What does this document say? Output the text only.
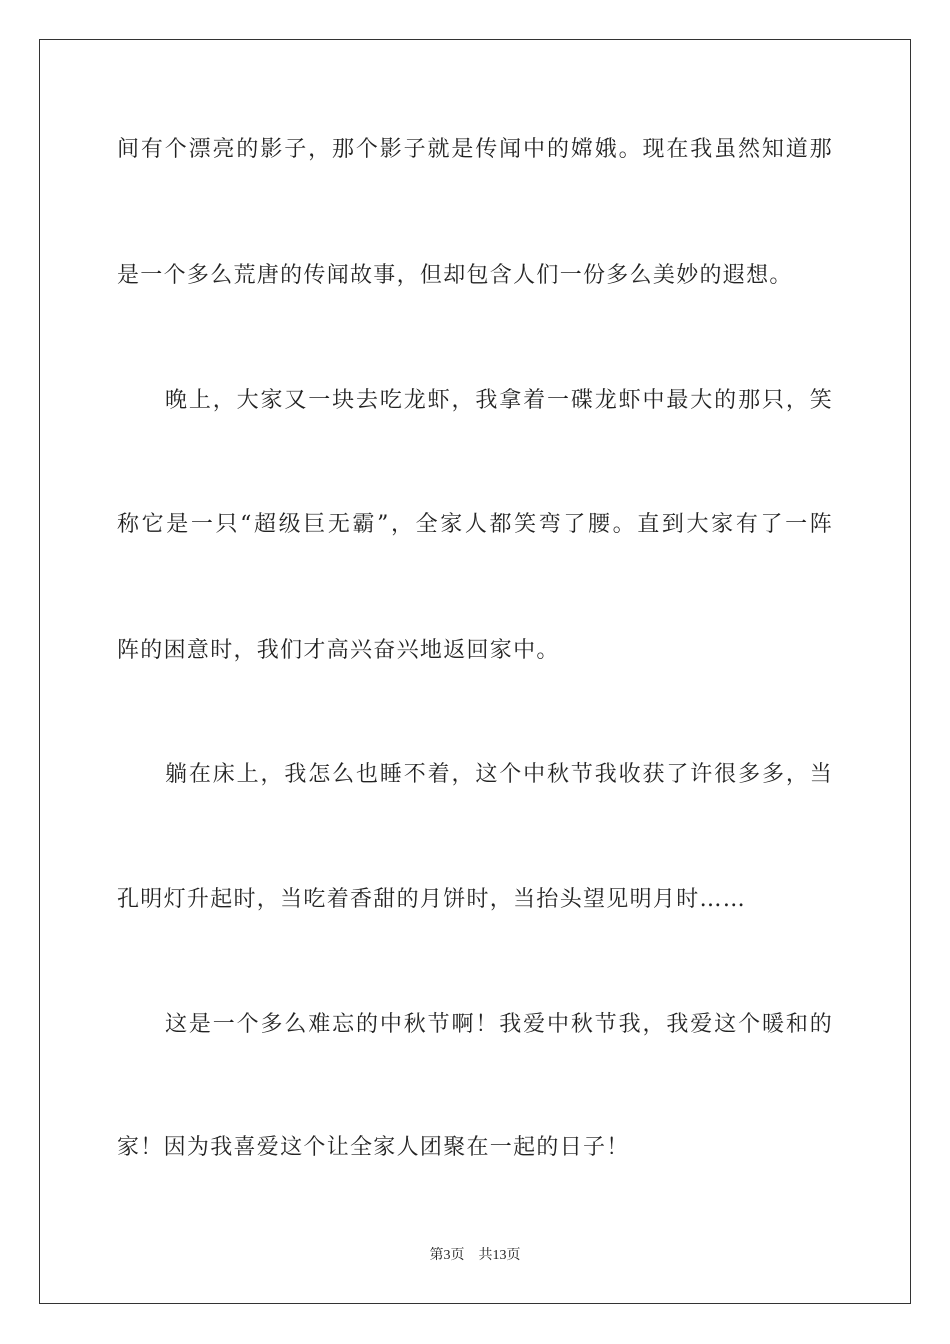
间有个漂亮的影子，那个影子就是传闻中的嫦娥。现在我虽然知道那

是一个多么荒唐的传闻故事，但却包含人们一份多么美妙的遐想。

晚上，大家又一块去吃龙虾，我拿着一碟龙虾中最大的那只，笑

称它是一只“超级巨无霸”，全家人都笑弯了腰。直到大家有了一阵

阵的困意时，我们才高兴奋兴地返回家中。

躺在床上，我怎么也睡不着，这个中秋节我收获了许很多多，当

孔明灯升起时，当吃着香甜的月饼时，当抬头望见明月时……

这是一个多么难忘的中秋节啊！我爱中秋节我，我爱这个暖和的

家！因为我喜爱这个让全家人团聚在一起的日子！

第3页 共13页
